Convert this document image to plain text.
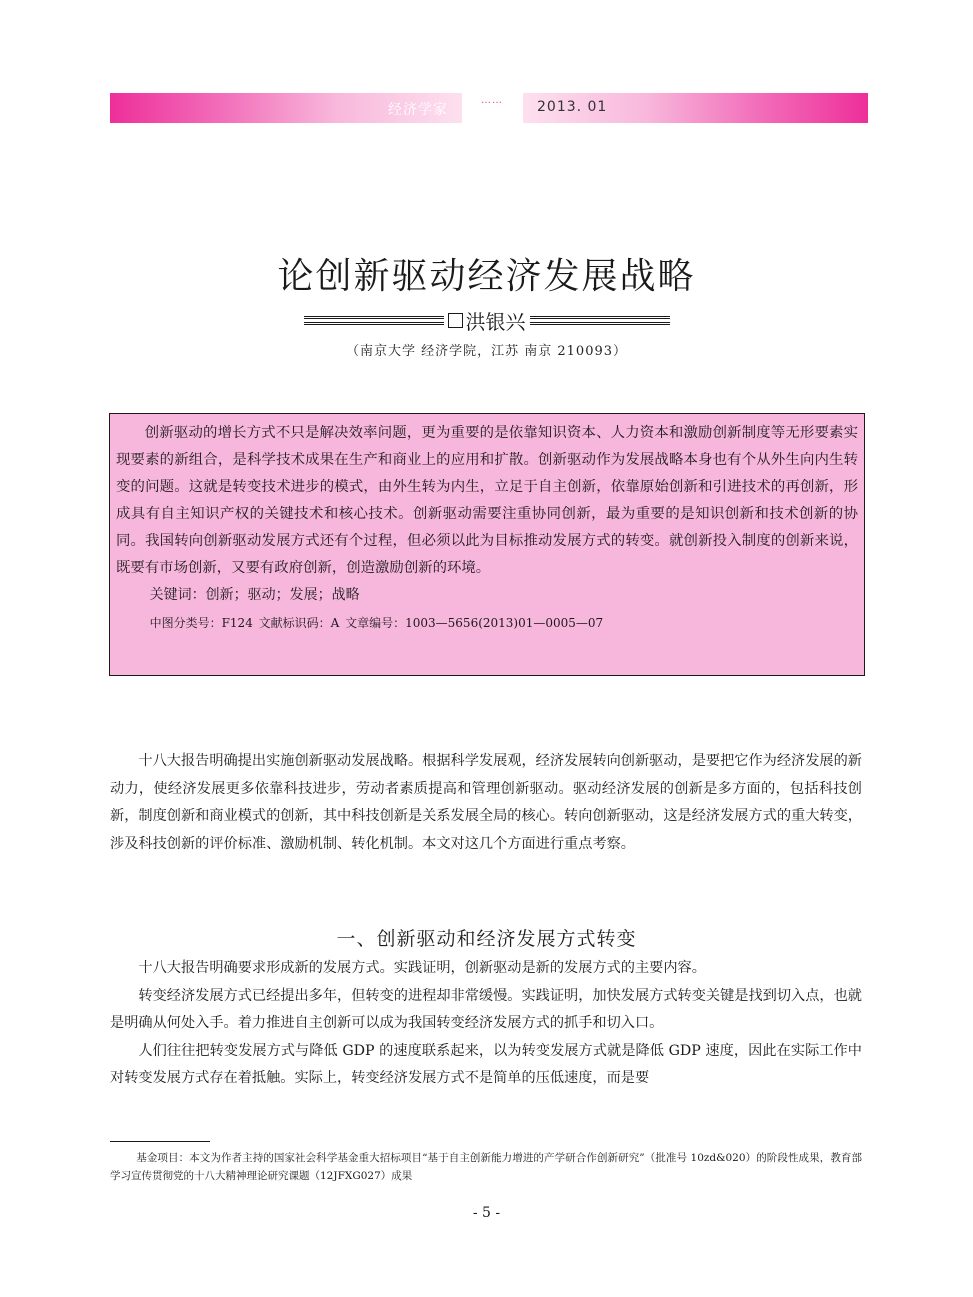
经济学家
……	2013. 01
论创新驱动经济发展战略
洪银兴
（南京大学 经济学院，江苏 南京 210093）
创新驱动的增长方式不只是解决效率问题，更为重要的是依靠知识资本、人力资本和激励创新制度等无形要素实现要素的新组合，是科学技术成果在生产和商业上的应用和扩散。创新驱动作为发展战略本身也有个从外生向内生转变的问题。这就是转变技术进步的模式，由外生转为内生，立足于自主创新，依靠原始创新和引进技术的再创新，形成具有自主知识产权的关键技术和核心技术。创新驱动需要注重协同创新，最为重要的是知识创新和技术创新的协同。我国转向创新驱动发展方式还有个过程，但必须以此为目标推动发展方式的转变。就创新投入制度的创新来说，既要有市场创新，又要有政府创新，创造激励创新的环境。
关键词：创新；驱动；发展；战略
中图分类号：F124 文献标识码：A 文章编号：1003—5656(2013)01—0005—07

十八大报告明确提出实施创新驱动发展战略。根据科学发展观，经济发展转向创新驱动，是要把它作为经济发展的新动力，使经济发展更多依靠科技进步，劳动者素质提高和管理创新驱动。驱动经济发展的创新是多方面的，包括科技创新，制度创新和商业模式的创新，其中科技创新是关系发展全局的核心。转向创新驱动，这是经济发展方式的重大转变，涉及科技创新的评价标准、激励机制、转化机制。本文对这几个方面进行重点考察。

一、创新驱动和经济发展方式转变

十八大报告明确要求形成新的发展方式。实践证明，创新驱动是新的发展方式的主要内容。

转变经济发展方式已经提出多年，但转变的进程却非常缓慢。实践证明，加快发展方式转变关键是找到切入点，也就是明确从何处入手。着力推进自主创新可以成为我国转变经济发展方式的抓手和切入口。

人们往往把转变发展方式与降低 GDP 的速度联系起来，以为转变发展方式就是降低 GDP 速度，因此在实际工作中对转变发展方式存在着抵触。实际上，转变经济发展方式不是简单的压低速度，而是要

基金项目：本文为作者主持的国家社会科学基金重大招标项目“基于自主创新能力增进的产学研合作创新研究”（批准号 10zd&020）的阶段性成果，教育部学习宣传贯彻党的十八大精神理论研究课题（12JFXG027）成果
- 5 -
